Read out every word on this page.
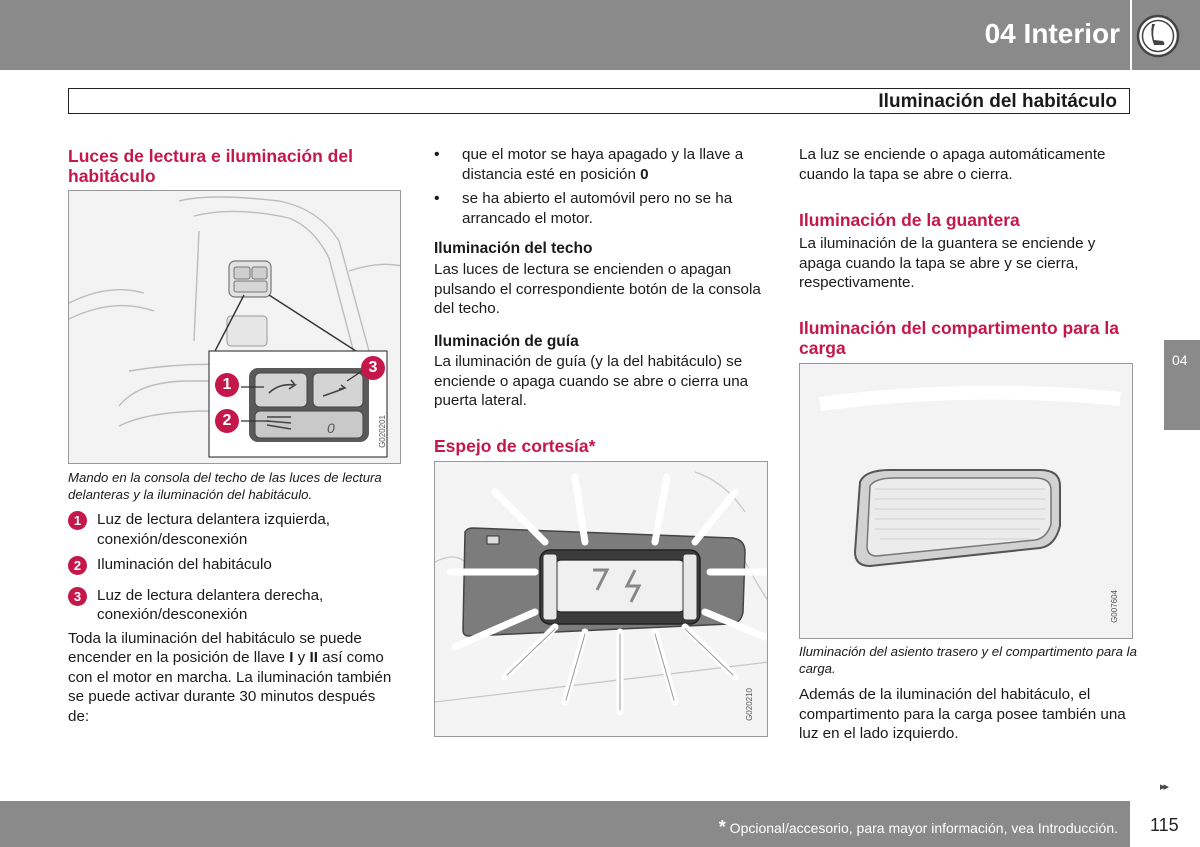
04 Interior
Iluminación del habitáculo
Luces de lectura e iluminación del habitáculo
0
1
2
3
G020201
Mando en la consola del techo de las luces de lectura delanteras y la iluminación del habitáculo.
1	Luz de lectura delantera izquierda, conexión/desconexión
2	Iluminación del habitáculo
3	Luz de lectura delantera derecha, conexión/desconexión
Toda la iluminación del habitáculo se puede encender en la posición de llave I y II así como con el motor en marcha. La iluminación también se puede activar durante 30 minutos después de:
• que el motor se haya apagado y la llave a distancia esté en posición 0
• se ha abierto el automóvil pero no se ha arrancado el motor.
Iluminación del techo
Las luces de lectura se encienden o apagan pulsando el correspondiente botón de la consola del techo.
Iluminación de guía
La iluminación de guía (y la del habitáculo) se enciende o apaga cuando se abre o cierra una puerta lateral.
Espejo de cortesía*
G020210
La luz se enciende o apaga automáticamente cuando la tapa se abre o cierra.
Iluminación de la guantera
La iluminación de la guantera se enciende y apaga cuando la tapa se abre y se cierra, respectivamente.
Iluminación del compartimento para la carga
G007604
Iluminación del asiento trasero y el compartimento para la carga.
Además de la iluminación del habitáculo, el compartimento para la carga posee también una luz en el lado izquierdo.
04
▸▸
* Opcional/accesorio, para mayor información, vea Introducción. 115
